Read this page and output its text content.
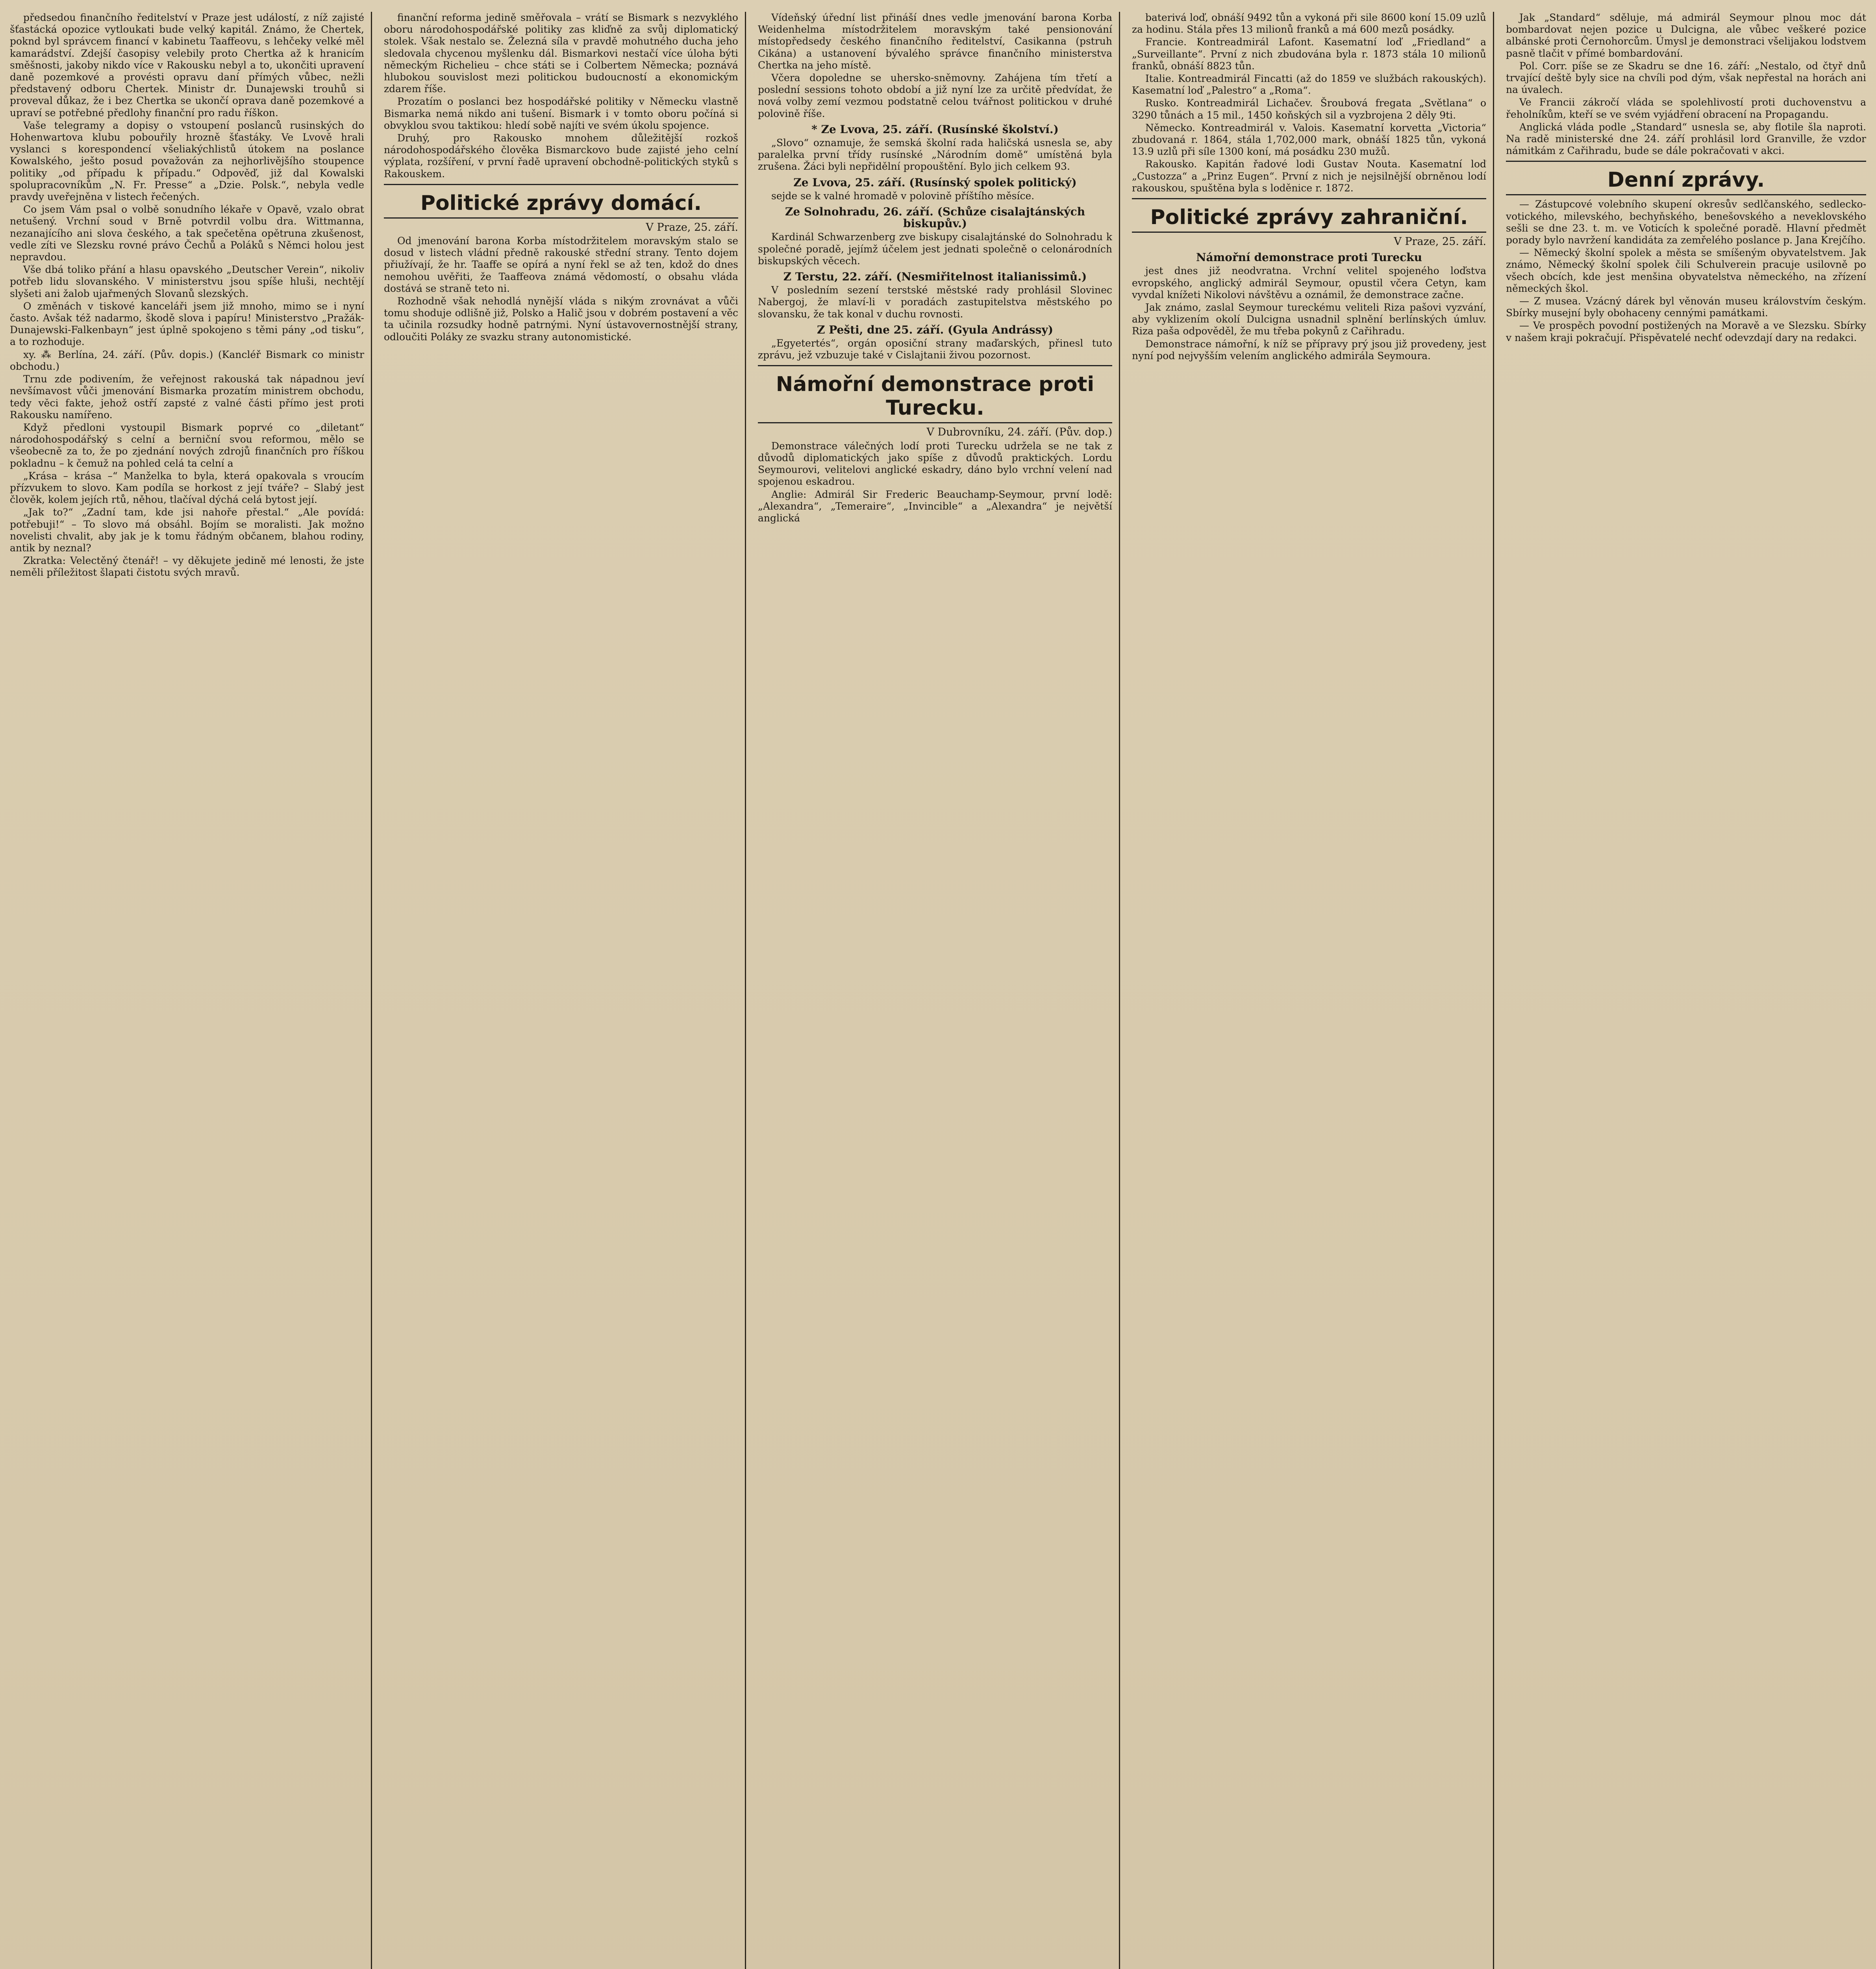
předsedou finančního ředitelství v Praze jest událostí, z níž zajisté šťastácká opozice vytloukati bude velký kapitál. Známo, že Chertek, poknd byl správcem financí v kabinetu Taaffeovu, s lehčeky velké měl kamarádství. Zdejší časopisy velebily proto Chertka až k hranicím směšnosti, jakoby nikdo více v Rakousku nebyl a to, ukončiti upravení daně pozemkové a provésti opravu daní přímých vůbec, nežli představený odboru Chertek. Ministr dr. Dunajewski trouhů si proveval důkaz, že i bez Chertka se ukončí oprava daně pozemkové a upraví se potřebné předlohy finanční pro radu říškon.

Vaše telegramy a dopisy o vstoupení poslanců rusinských do Hohenwartova klubu pobouřily hrozně šťastáky. Ve Lvově hrali vyslanci s korespondencí všeliakýchlistů útokem na poslance Kowalského, ješto posud považován za nejhorlivějšího stoupence politiky „od případu k případu.“ Odpověď, již dal Kowalski spolupracovníkům „N. Fr. Presse“ a „Dzie. Polsk.“, nebyla vedle pravdy uveřejněna v listech řečených.

Co jsem Vám psal o volbě sonudního lékaře v Opavě, vzalo obrat netušený. Vrchní soud v Brně potvrdil volbu dra. Wittmanna, nezanajícího ani slova českého, a tak spečetěna opětruna zkušenost, vedle zíti ve Slezsku rovné právo Čechů a Poláků s Němci holou jest nepravdou.

Vše dbá toliko přání a hlasu opavského „Deutscher Verein“, nikoliv potřeb lidu slovanského. V ministerstvu jsou spíše hluši, nechtějí slyšeti ani žalob ujařmených Slovanů slezských.

O změnách v tiskové kanceláři jsem již mnoho, mimo se i nyní často. Avšak též nadarmo, škodě slova i papíru! Ministerstvo „Pražák-Dunajewski-Falkenbayn“ jest úplně spokojeno s těmi pány „od tisku“, a to rozhoduje.

xy. ⁂ Berlína, 24. září. (Pův. dopis.) (Kancléř Bismark co ministr obchodu.)

Trnu zde podivením, že veřejnost rakouská tak nápadnou jeví nevšímavost vůči jmenování Bismarka prozatím ministrem obchodu, tedy věci fakte, jehož ostří zapsté z valné části přímo jest proti Rakousku namířeno.

Když předloni vystoupil Bismark poprvé co „diletant“ národohospodářský s celní a berniční svou reformou, mělo se všeobecně za to, že po zjednání nových zdrojů finančních pro říškou pokladnu – k čemuž na pohled celá ta celní a

„Krása – krása –“ Manželka to byla, která opakovala s vroucím přízvukem to slovo. Kam podíla se horkost z její tváře? – Slabý jest člověk, kolem jejích rtů, něhou, tlačíval dýchá celá bytost její.

„Jak to?“ „Zadní tam, kde jsi nahoře přestal.“ „Ale povídá: potřebuji!“ – To slovo má obsáhl. Bojím se moralisti. Jak možno novelisti chvalit, aby jak je k tomu řádným občanem, blahou rodiny, antik by neznal?

Zkratka: Velectěný čtenář! – vy děkujete jedině mé lenosti, že jste neměli příležitost šlapati čistotu svých mravů.

finanční reforma jedině směřovala – vrátí se Bismark s nezvyklého oboru národohospodářské politiky zas kliďně za svůj diplomatický stolek. Však nestalo se. Železná síla v pravdě mohutného ducha jeho sledovala chycenou myšlenku dál. Bismarkovi nestačí více úloha býti německým Richelieu – chce státi se i Colbertem Německa; poznává hlubokou souvislost mezi politickou budoucností a ekonomickým zdarem říše.

Prozatím o poslanci bez hospodářské politiky v Německu vlastně Bismarka nemá nikdo ani tušení. Bismark i v tomto oboru počíná si obvyklou svou taktikou: hledí sobě najíti ve svém úkolu spojence.

Druhý, pro Rakousko mnohem důležitější rozkoš národohospodářského člověka Bismarckovo bude zajisté jeho celní výplata, rozšíření, v první řadě upravení obchodně-politických styků s Rakouskem.

Politické zprávy domácí.
V Praze, 25. září.

Od jmenování barona Korba místodržitelem moravským stalo se dosud v listech vládní předně rakouské střední strany. Tento dojem přiužívají, že hr. Taaffe se opírá a nyní řekl se až ten, kdož do dnes nemohou uvěřiti, že Taaffeova známá vědomostí, o obsahu vláda dostává se straně teto ni.

Rozhodně však nehodlá nynější vláda s nikým zrovnávat a vůči tomu shoduje odlišně již, Polsko a Halič jsou v dobrém postavení a věc ta učinila rozsudky hodně patrnými. Nyní ústavovernostnější strany, odloučiti Poláky ze svazku strany autonomistické.

Vídeňský úřední list přináší dnes vedle jmenování barona Korba Weidenhelma místodržitelem moravským také pensionování místopředsedy českého finančního ředitelství, Casikanna (pstruh Cikána) a ustanovení bývalého správce finančního ministerstva Chertka na jeho místě.

Včera dopoledne se uhersko-sněmovny. Zahájena tím třetí a poslední sessions tohoto období a již nyní lze za určitě předvídat, že nová volby zemí vezmou podstatně celou tvářnost politickou v druhé polovině říše.

* Ze Lvova, 25. září. (Rusínské školství.)

„Slovo“ oznamuje, že semská školní rada haličská usnesla se, aby paralelka první třídy rusínské „Národním domě“ umístěná byla zrušena. Žáci byli nepřidělní propouštění. Bylo jich celkem 93.

Ze Lvova, 25. září. (Rusínský spolek politický)

sejde se k valné hromadě v polovině příštího měsíce.

Ze Solnohradu, 26. září. (Schůze cisalajtánských biskupův.)

Kardinál Schwarzenberg zve biskupy cisalajtánské do Solnohradu k společné poradě, jejímž účelem jest jednati společně o celonárodních biskupských věcech.

Z Terstu, 22. září. (Nesmiřitelnost italianissimů.)

V posledním sezení terstské městské rady prohlásil Slovinec Nabergoj, že mlaví-li v poradách zastupitelstva městského po slovansku, že tak konal v duchu rovnosti.

Z Pešti, dne 25. září. (Gyula Andrássy)

„Egyetertés“, orgán oposiční strany maďarských, přinesl tuto zprávu, jež vzbuzuje také v Cislajtanii živou pozornost.

Námořní demonstrace proti Turecku.
V Dubrovníku, 24. září. (Pův. dop.)

Demonstrace válečných lodí proti Turecku udržela se ne tak z důvodů diplomatických jako spíše z důvodů praktických. Lordu Seymourovi, velitelovi anglické eskadry, dáno bylo vrchní velení nad spojenou eskadrou.

Anglie: Admirál Sir Frederic Beauchamp-Seymour, první lodě: „Alexandra“, „Temeraire“, „Invincible“ a „Alexandra“ je největší anglická

baterivá loď, obnáší 9492 tůn a vykoná při sile 8600 koní 15.09 uzlů za hodinu. Stála přes 13 milionů franků a má 600 mezů posádky.

Francie. Kontreadmirál Lafont. Kasematní loď „Friedland“ a „Surveillante“. První z nich zbudována byla r. 1873 stála 10 milionů franků, obnáší 8823 tůn.

Italie. Kontreadmirál Fincatti (až do 1859 ve službách rakouských). Kasematní loď „Palestro“ a „Roma“.

Rusko. Kontreadmirál Lichačev. Šroubová fregata „Světlana“ o 3290 tůnách a 15 mil., 1450 koňských sil a vyzbrojena 2 děly 9ti.

Německo. Kontreadmirál v. Valois. Kasematní korvetta „Victoria“ zbudovaná r. 1864, stála 1,702,000 mark, obnáší 1825 tůn, vykoná 13.9 uzlů při síle 1300 koní, má posádku 230 mužů.

Rakousko. Kapitán řadové lodi Gustav Nouta. Kasematní loď „Custozza“ a „Prinz Eugen“. První z nich je nejsilnější obrněnou lodí rakouskou, spuštěna byla s loděnice r. 1872.

Politické zprávy zahraniční.
V Praze, 25. září.
Námořní demonstrace proti Turecku

jest dnes již neodvratna. Vrchní velitel spojeného loďstva evropského, anglický admirál Seymour, opustil včera Cetyn, kam vyvdal knížeti Nikolovi návštěvu a oznámil, že demonstrace začne.

Jak známo, zaslal Seymour tureckému veliteli Riza pašovi vyzvání, aby vyklizením okolí Dulcigna usnadnil splnění berlínských úmluv. Riza paša odpověděl, že mu třeba pokynů z Cařihradu.

Demonstrace námořní, k níž se přípravy prý jsou již provedeny, jest nyní pod nejvyšším velením anglického admirála Seymoura.

Jak „Standard“ sděluje, má admirál Seymour plnou moc dát bombardovat nejen pozice u Dulcigna, ale vůbec veškeré pozice albánské proti Černohorcům. Úmysl je demonstraci všelijakou lodstvem pasně tlačit v přímé bombardování.

Pol. Corr. píše se ze Skadru se dne 16. září: „Nestalo, od čtyř dnů trvající deště byly sice na chvíli pod dým, však nepřestal na horách ani na úvalech.

Ve Francii zákročí vláda se spolehlivostí proti duchovenstvu a řeholníkům, kteří se ve svém vyjádření obracení na Propagandu.

Anglická vláda podle „Standard“ usnesla se, aby flotile šla naproti. Na radě ministerské dne 24. září prohlásil lord Granville, že vzdor námitkám z Cařihradu, bude se dále pokračovati v akci.

Denní zprávy.

— Zástupcové volebního skupení okresův sedlčanského, sedlecko-votického, milevského, bechyňského, benešovského a neveklovského sešli se dne 23. t. m. ve Voticích k společné poradě. Hlavní předmět porady bylo navržení kandidáta za zemřelého poslance p. Jana Krejčího.

— Německý školní spolek a města se smíšeným obyvatelstvem. Jak známo, Německý školní spolek čili Schulverein pracuje usilovně po všech obcích, kde jest menšina obyvatelstva německého, na zřízení německých škol.

— Z musea. Vzácný dárek byl věnován museu královstvím českým. Sbírky musejní byly obohaceny cennými památkami.

— Ve prospěch povodní postižených na Moravě a ve Slezsku. Sbírky v našem kraji pokračují. Přispěvatelé nechť odevzdají dary na redakci.
